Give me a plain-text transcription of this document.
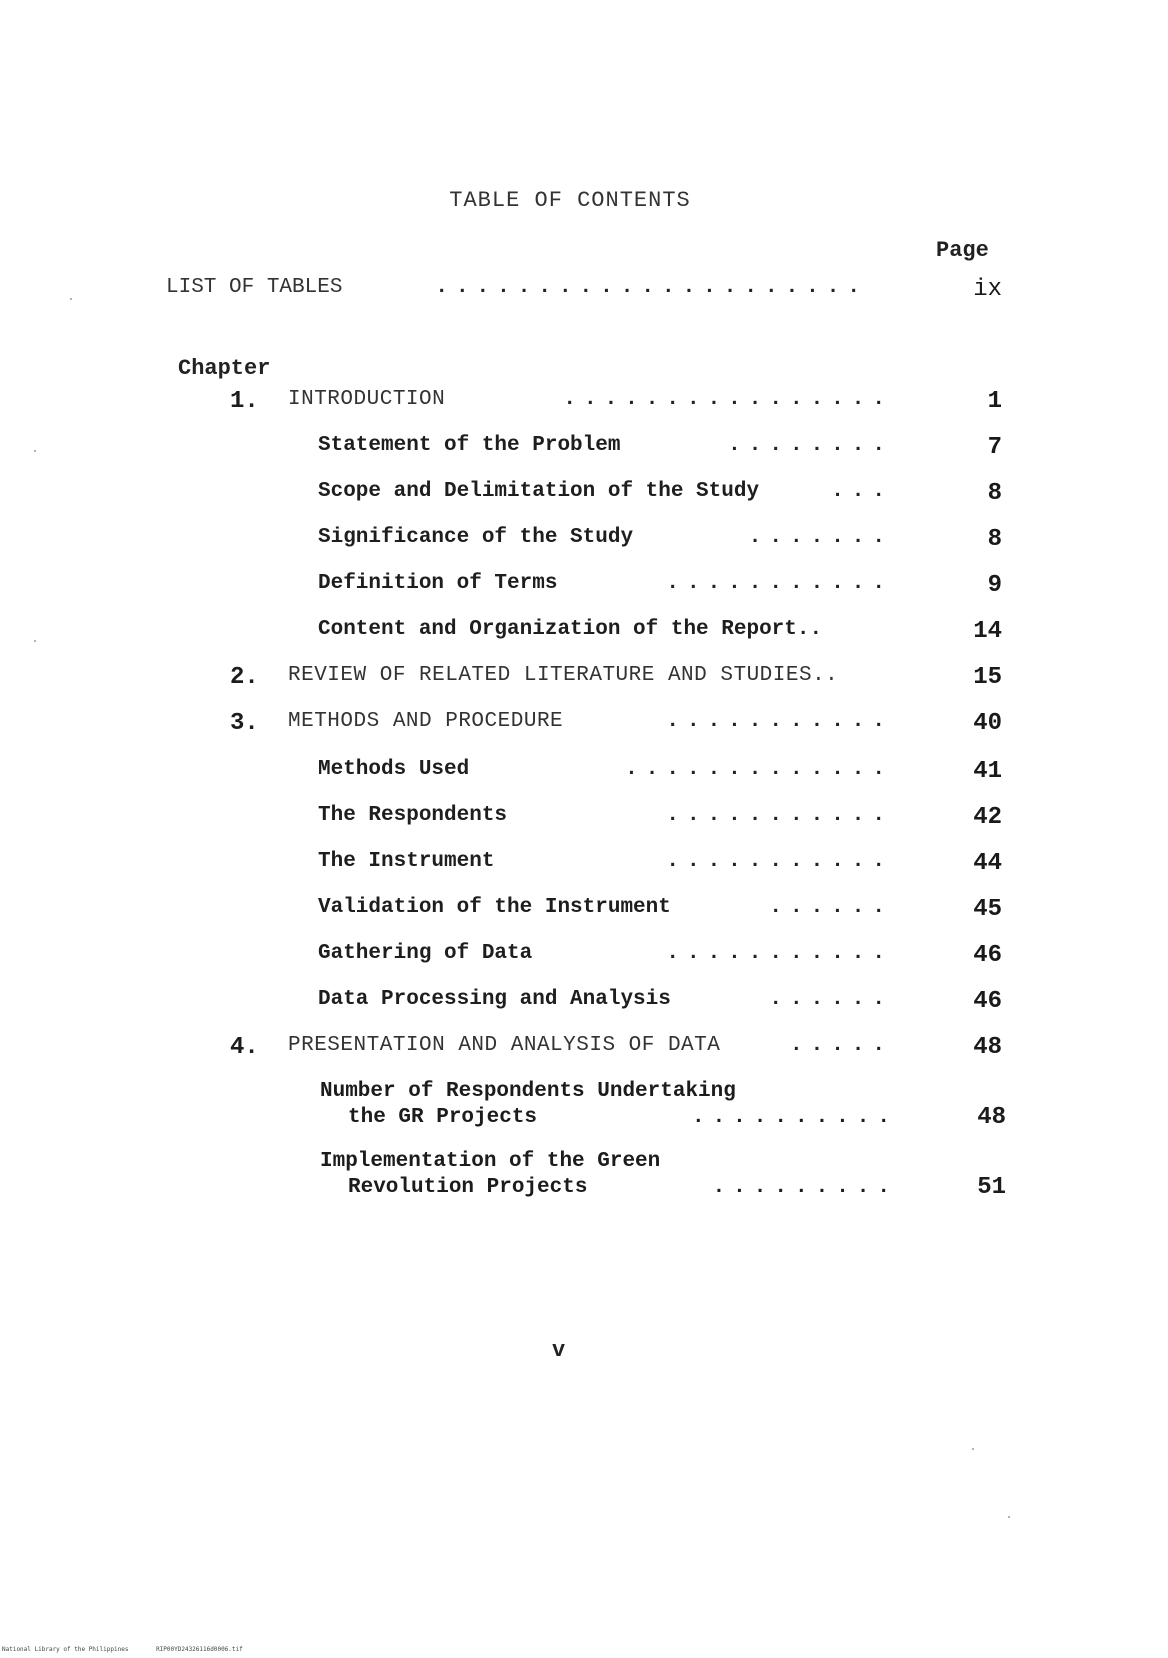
TABLE OF CONTENTS
Page
LIST OF TABLES	.....................	ix
Chapter
1. INTRODUCTION	................	1
Statement of the Problem	........	7
Scope and Delimitation of the Study	...	8
Significance of the Study	.......	8
Definition of Terms	...........	9
Content and Organization of the Report..	14
2. REVIEW OF RELATED LITERATURE AND STUDIES..	15
3. METHODS AND PROCEDURE	...........	40
Methods Used	.............	41
The Respondents	...........	42
The Instrument	...........	44
Validation of the Instrument	......	45
Gathering of Data	...........	46
Data Processing and Analysis	......	46
4. PRESENTATION AND ANALYSIS OF DATA	.....	48
Number of Respondents Undertaking
the GR Projects	..........	48
Implementation of the Green
Revolution Projects	.........	51
v
National Library of the Philippines	RIP00YD24326116d0006.tif
